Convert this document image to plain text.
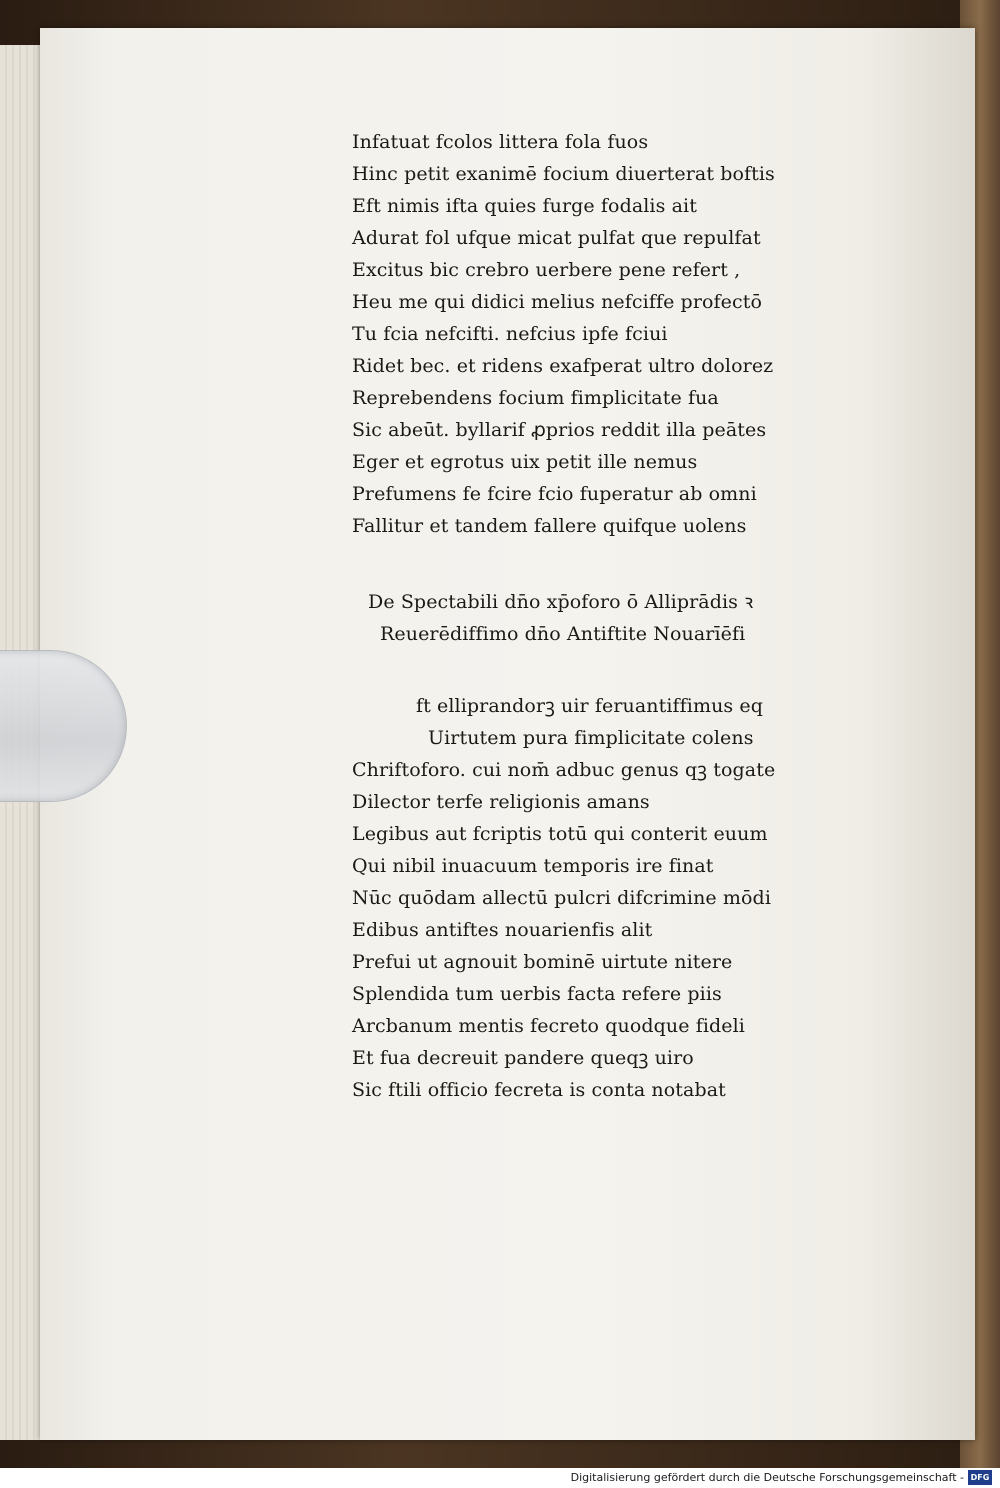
Infatuat fcolos littera fola fuos
Hinc petit exanimē focium diuerterat boftis
Eft nimis ifta quies furge fodalis ait
Adurat fol ufque micat pulfat que repulfat
Excitus bic crebro uerbere pene refert ,
Heu me qui didici melius nefciffe profectō
Tu fcia nefcifti. nefcius ipfe fciui
Ridet bec. et ridens exafperat ultro dolorez
Reprebendens focium fimplicitate fua
Sic abeūt. byllarif ꝓprios reddit illa peātes
Eger et egrotus uix petit ille nemus
Prefumens fe fcire fcio fuperatur ab omni
Fallitur et tandem fallere quifque uolens
De Spectabili dn̄o xp̄oforo ō Alliprādis ꝛ
Reuerēdiffimo dn̄o Antiftite Nouarīēfi
ft elliprandorꝫ uir feruantiffimus eq
Uirtutem pura fimplicitate colens
Chriftoforo. cui nom̄ adbuc genus qꝫ togate
Dilector terfe religionis amans
Legibus aut fcriptis totū qui conterit euum
Qui nibil inuacuum temporis ire finat
Nūc quōdam allectū pulcri difcrimine mōdi
Edibus antiftes nouarienfis alit
Prefui ut agnouit bominē uirtute nitere
Splendida tum uerbis facta refere piis
Arcbanum mentis fecreto quodque fideli
Et fua decreuit pandere queqꝫ uiro
Sic ftili officio fecreta is conta notabat
Digitalisierung gefördert durch die Deutsche Forschungsgemeinschaft - DFG
